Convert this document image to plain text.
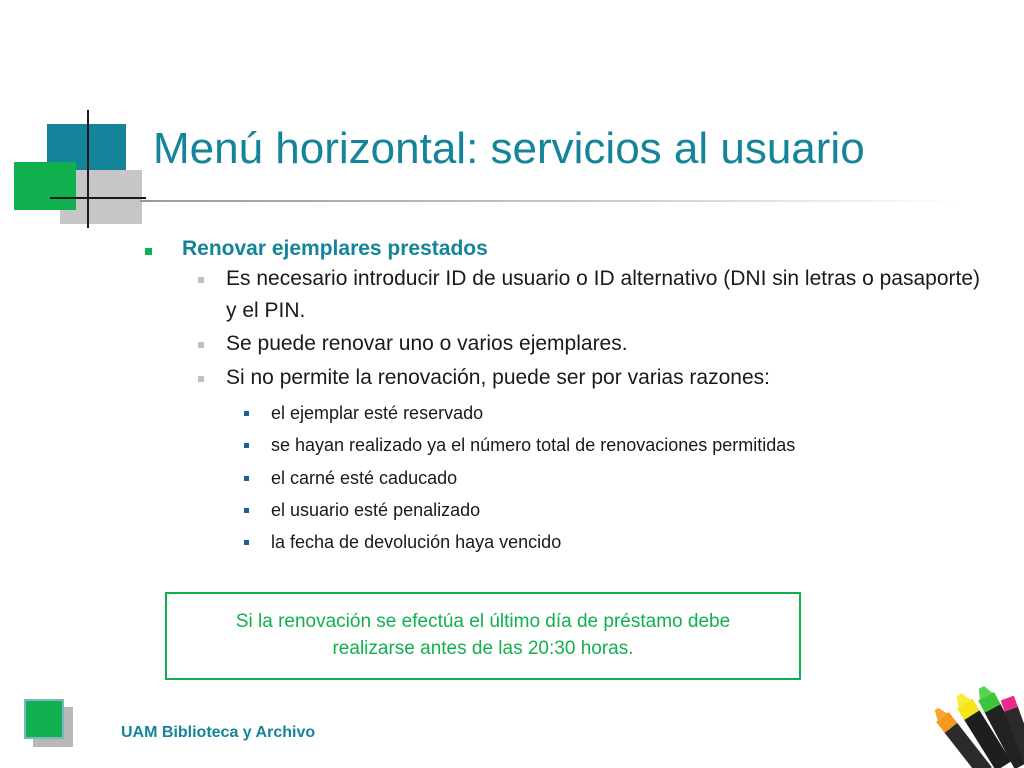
Menú horizontal: servicios al usuario
Renovar ejemplares prestados
Es necesario introducir ID de usuario o ID alternativo (DNI sin letras o pasaporte) y el PIN.
Se puede renovar uno o varios ejemplares.
Si no permite la renovación, puede ser por varias razones:
el ejemplar esté reservado
se hayan realizado ya el número total de renovaciones permitidas
el carné esté caducado
el usuario esté penalizado
la fecha de devolución haya vencido
Si la renovación se efectúa el último día de préstamo debe
realizarse antes de las 20:30 horas.
UAM Biblioteca y Archivo
